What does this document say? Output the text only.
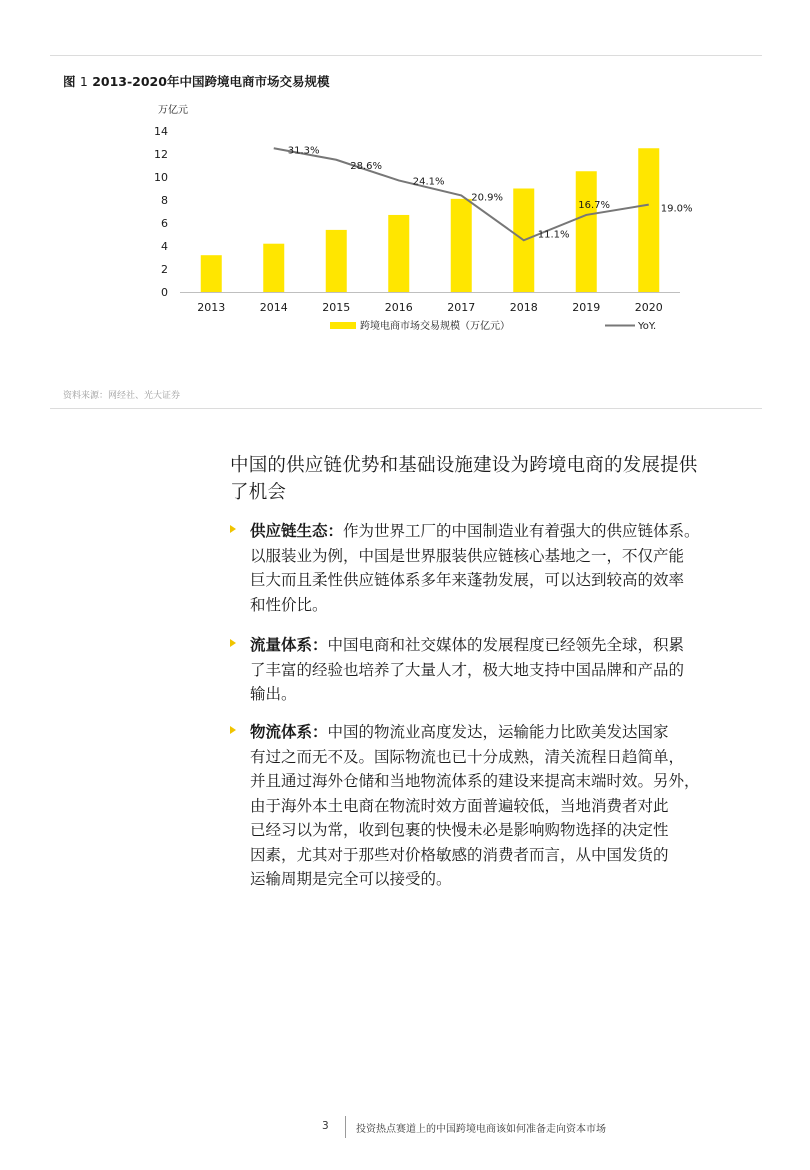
图 1 2013-2020年中国跨境电商市场交易规模
万亿元
0
2
4
6
8
10
12
14
2013	2014	2015	2016	2017	2018	2019	2020
31.3%
28.6%
24.1%
20.9%
11.1%
16.7%	19.0%
跨境电商市场交易规模（万亿元）	YoY.
资料来源：网经社、光大证券
中国的供应链优势和基础设施建设为跨境电商的发展提供
了机会
供应链生态：作为世界工厂的中国制造业有着强大的供应链体系。
以服装业为例，中国是世界服装供应链核心基地之一，不仅产能
巨大而且柔性供应链体系多年来蓬勃发展，可以达到较高的效率
和性价比。
流量体系：中国电商和社交媒体的发展程度已经领先全球，积累
了丰富的经验也培养了大量人才，极大地支持中国品牌和产品的
输出。
物流体系：中国的物流业高度发达，运输能力比欧美发达国家
有过之而无不及。国际物流也已十分成熟，清关流程日趋简单，
并且通过海外仓储和当地物流体系的建设来提高末端时效。另外，
由于海外本土电商在物流时效方面普遍较低，当地消费者对此
已经习以为常，收到包裹的快慢未必是影响购物选择的决定性
因素，尤其对于那些对价格敏感的消费者而言，从中国发货的
运输周期是完全可以接受的。
3	投资热点赛道上的中国跨境电商该如何准备走向资本市场
